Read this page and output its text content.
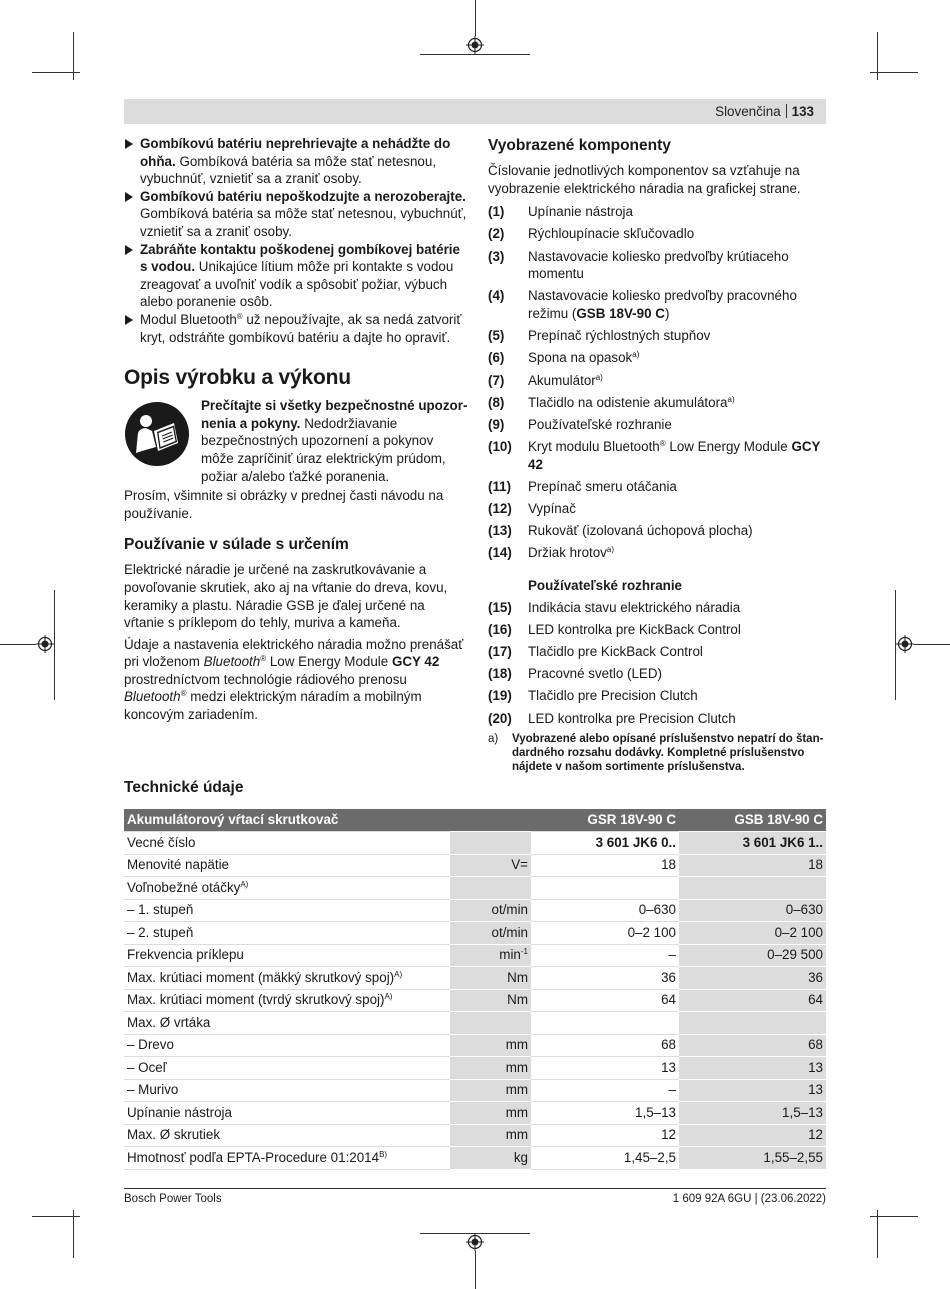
Slovenčina 133
Gombíkovú batériu neprehrievajte a nehádžte do ohňa. Gombíková batéria sa môže stať netesnou, vybuchnúť, vznietiť sa a zraniť osoby.
Gombíkovú batériu nepoškodzujte a nerozoberajte. Gombíková batéria sa môže stať netesnou, vybuchnúť, vznietiť sa a zraniť osoby.
Zabráňte kontaktu poškodenej gombíkovej batérie s vodou. Unikajúce lítium môže pri kontakte s vodou zreagovať a uvoľniť vodík a spôsobiť požiar, výbuch alebo poranenie osôb.
Modul Bluetooth® už nepoužívajte, ak sa nedá zatvoriť kryt, odstráňte gombíkovú batériu a dajte ho opraviť.
Opis výrobku a výkonu
Prečítajte si všetky bezpečnostné upozornenia a pokyny. Nedodržiavanie bezpečnostných upozornení a pokynov môže zapríčiniť úraz elektrickým prúdom, požiar a/alebo ťažké poranenia.
Prosím, všimnite si obrázky v prednej časti návodu na používanie.
Používanie v súlade s určením
Elektrické náradie je určené na zaskrutkovávanie a povoľovanie skrutiek, ako aj na vŕtanie do dreva, kovu, keramiky a plastu. Náradie GSB je ďalej určené na vŕtanie s príklepom do tehly, muriva a kameňa.
Údaje a nastavenia elektrického náradia možno prenášať pri vloženom Bluetooth® Low Energy Module GCY 42 prostredníctvom technológie rádiového prenosu Bluetooth® medzi elektrickým náradím a mobilným koncovým zariadením.
Vyobrazené komponenty
Číslovanie jednotlivých komponentov sa vzťahuje na vyobrazenie elektrického náradia na grafickej strane.
(1)	Upínanie nástroja
(2)	Rýchloupínacie skľučovadlo
(3)	Nastavovacie koliesko predvoľby krútiaceho momentu
(4)	Nastavovacie koliesko predvoľby pracovného režimu (GSB 18V-90 C)
(5)	Prepínač rýchlostných stupňov
(6)	Spona na opasok$^{a)}$
(7)	Akumulátor$^{a)}$
(8)	Tlačidlo na odistenie akumulátora$^{a)}$
(9)	Používateľské rozhranie
(10)	Kryt modulu Bluetooth® Low Energy Module GCY 42
(11)	Prepínač smeru otáčania
(12)	Vypínač
(13)	Rukoväť (izolovaná úchopová plocha)
(14)	Držiak hrotov$^{a)}$
Používateľské rozhranie
(15)	Indikácia stavu elektrického náradia
(16)	LED kontrolka pre KickBack Control
(17)	Tlačidlo pre KickBack Control
(18)	Pracovné svetlo (LED)
(19)	Tlačidlo pre Precision Clutch
(20)	LED kontrolka pre Precision Clutch
a)	Vyobrazené alebo opísané príslušenstvo nepatrí do štandardného rozsahu dodávky. Kompletné príslušenstvo nájdete v našom sortimente príslušenstva.
Technické údaje
Akumulátorový vŕtací skrutkovač		GSR 18V-90 C	GSB 18V-90 C
Vecné číslo		3 601 JK6 0..	3 601 JK6 1..
Menovité napätie	V=	18	18
Voľnobežné otáčky$^{A)}$			
– 1. stupeň	ot/min	0–630	0–630
– 2. stupeň	ot/min	0–2 100	0–2 100
Frekvencia príklepu	$\min^{-1}$	–	0–29 500
Max. krútiaci moment (mäkký skrutkový spoj)$^{A)}$	Nm	36	36
Max. krútiaci moment (tvrdý skrutkový spoj)$^{A)}$	Nm	64	64
Max. Ø vrtáka			
– Drevo	mm	68	68
– Oceľ	mm	13	13
– Murivo	mm	–	13
Upínanie nástroja	mm	1,5–13	1,5–13
Max. Ø skrutiek	mm	12	12
Hmotnosť podľa EPTA-Procedure $01:2014^{B)}$	kg	1,45–2,5	1,55–2,55
Bosch Power Tools	1 609 92A 6GU | (23.06.2022)
